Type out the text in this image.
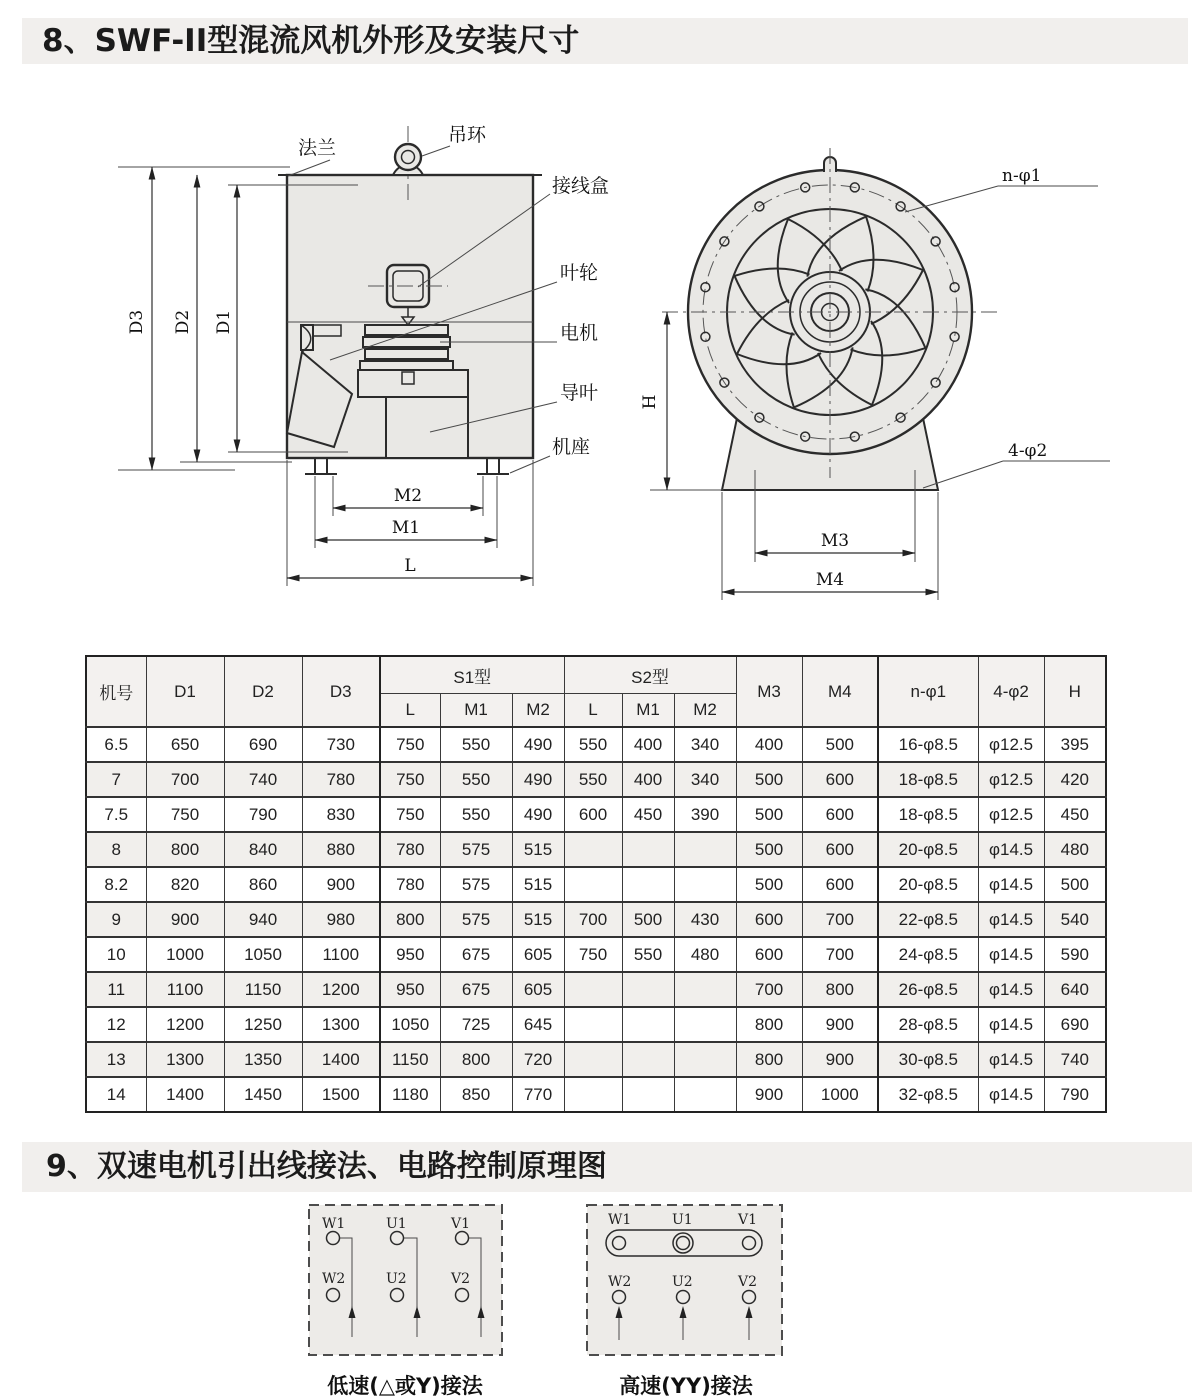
8、SWF-II型混流风机外形及安装尺寸
9、双速电机引出线接法、电路控制原理图
D3 D2 D1
M2
M1
L
法兰
吊环
接线盒
叶轮
电机
导叶
机座
H
M3
M4
n-φ1
4-φ2
W1	U1	V1
W2	U2	V2
低速(△或Y)接法
W1	U1	V1
W2	U2	V2
高速(YY)接法
机号	D1	D2	D3	S1型			S2型			M3	M4	n-φ1	4-φ2	H
				L	M1	M2	L	M1	M2					
6.5	650	690	730	750	550	490	550	400	340	400	500	16-φ8.5	φ12.5	395
7	700	740	780	750	550	490	550	400	340	500	600	18-φ8.5	φ12.5	420
7.5	750	790	830	750	550	490	600	450	390	500	600	18-φ8.5	φ12.5	450
8	800	840	880	780	575	515				500	600	20-φ8.5	φ14.5	480
8.2	820	860	900	780	575	515				500	600	20-φ8.5	φ14.5	500
9	900	940	980	800	575	515	700	500	430	600	700	22-φ8.5	φ14.5	540
10	1000	1050	1100	950	675	605	750	550	480	600	700	24-φ8.5	φ14.5	590
11	1100	1150	1200	950	675	605				700	800	26-φ8.5	φ14.5	640
12	1200	1250	1300	1050	725	645				800	900	28-φ8.5	φ14.5	690
13	1300	1350	1400	1150	800	720				800	900	30-φ8.5	φ14.5	740
14	1400	1450	1500	1180	850	770				900	1000	32-φ8.5	φ14.5	790
